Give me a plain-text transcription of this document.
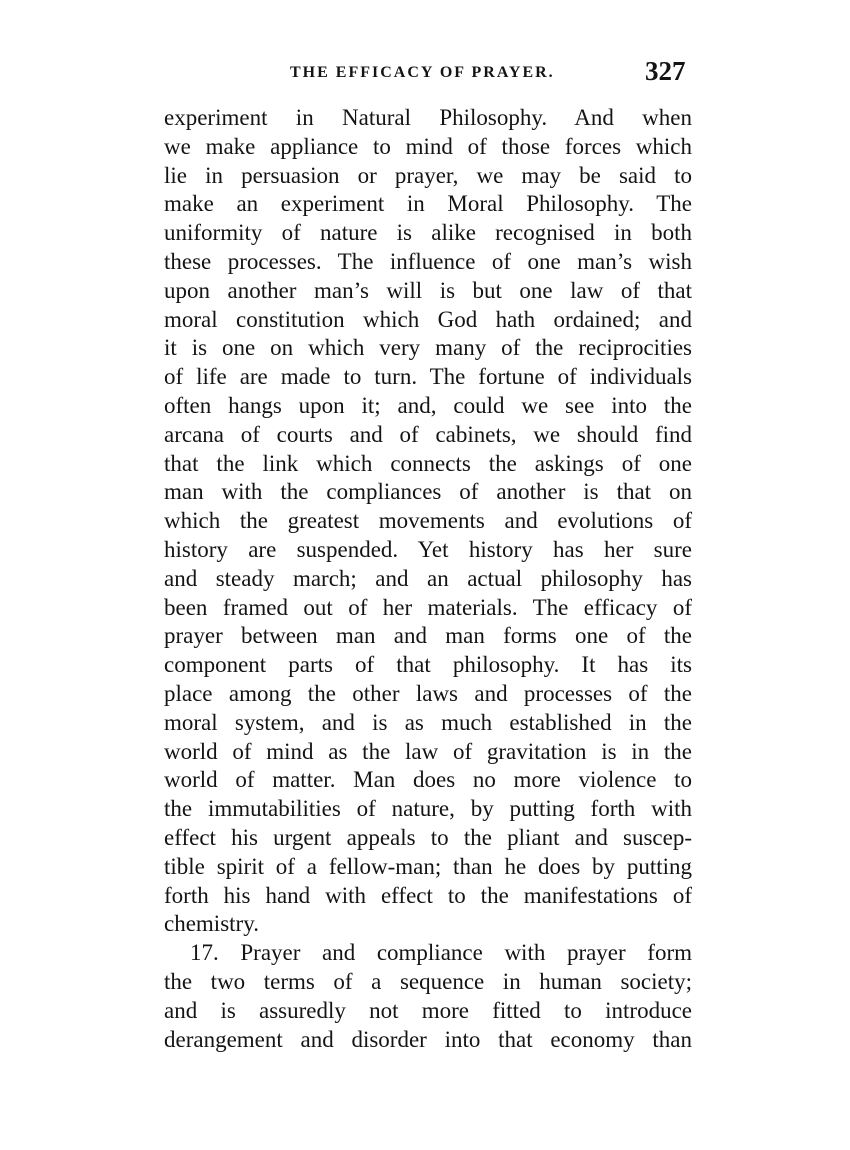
THE EFFICACY OF PRAYER.	327
experiment in Natural Philosophy. And when
we make appliance to mind of those forces which
lie in persuasion or prayer, we may be said to
make an experiment in Moral Philosophy. The
uniformity of nature is alike recognised in both
these processes. The influence of one man’s wish
upon another man’s will is but one law of that
moral constitution which God hath ordained; and
it is one on which very many of the reciprocities
of life are made to turn. The fortune of individuals
often hangs upon it; and, could we see into the
arcana of courts and of cabinets, we should find
that the link which connects the askings of one
man with the compliances of another is that on
which the greatest movements and evolutions of
history are suspended. Yet history has her sure
and steady march; and an actual philosophy has
been framed out of her materials. The efficacy of
prayer between man and man forms one of the
component parts of that philosophy. It has its
place among the other laws and processes of the
moral system, and is as much established in the
world of mind as the law of gravitation is in the
world of matter. Man does no more violence to
the immutabilities of nature, by putting forth with
effect his urgent appeals to the pliant and suscep-
tible spirit of a fellow-man; than he does by putting
forth his hand with effect to the manifestations of
chemistry.
17. Prayer and compliance with prayer form
the two terms of a sequence in human society;
and is assuredly not more fitted to introduce
derangement and disorder into that economy than
